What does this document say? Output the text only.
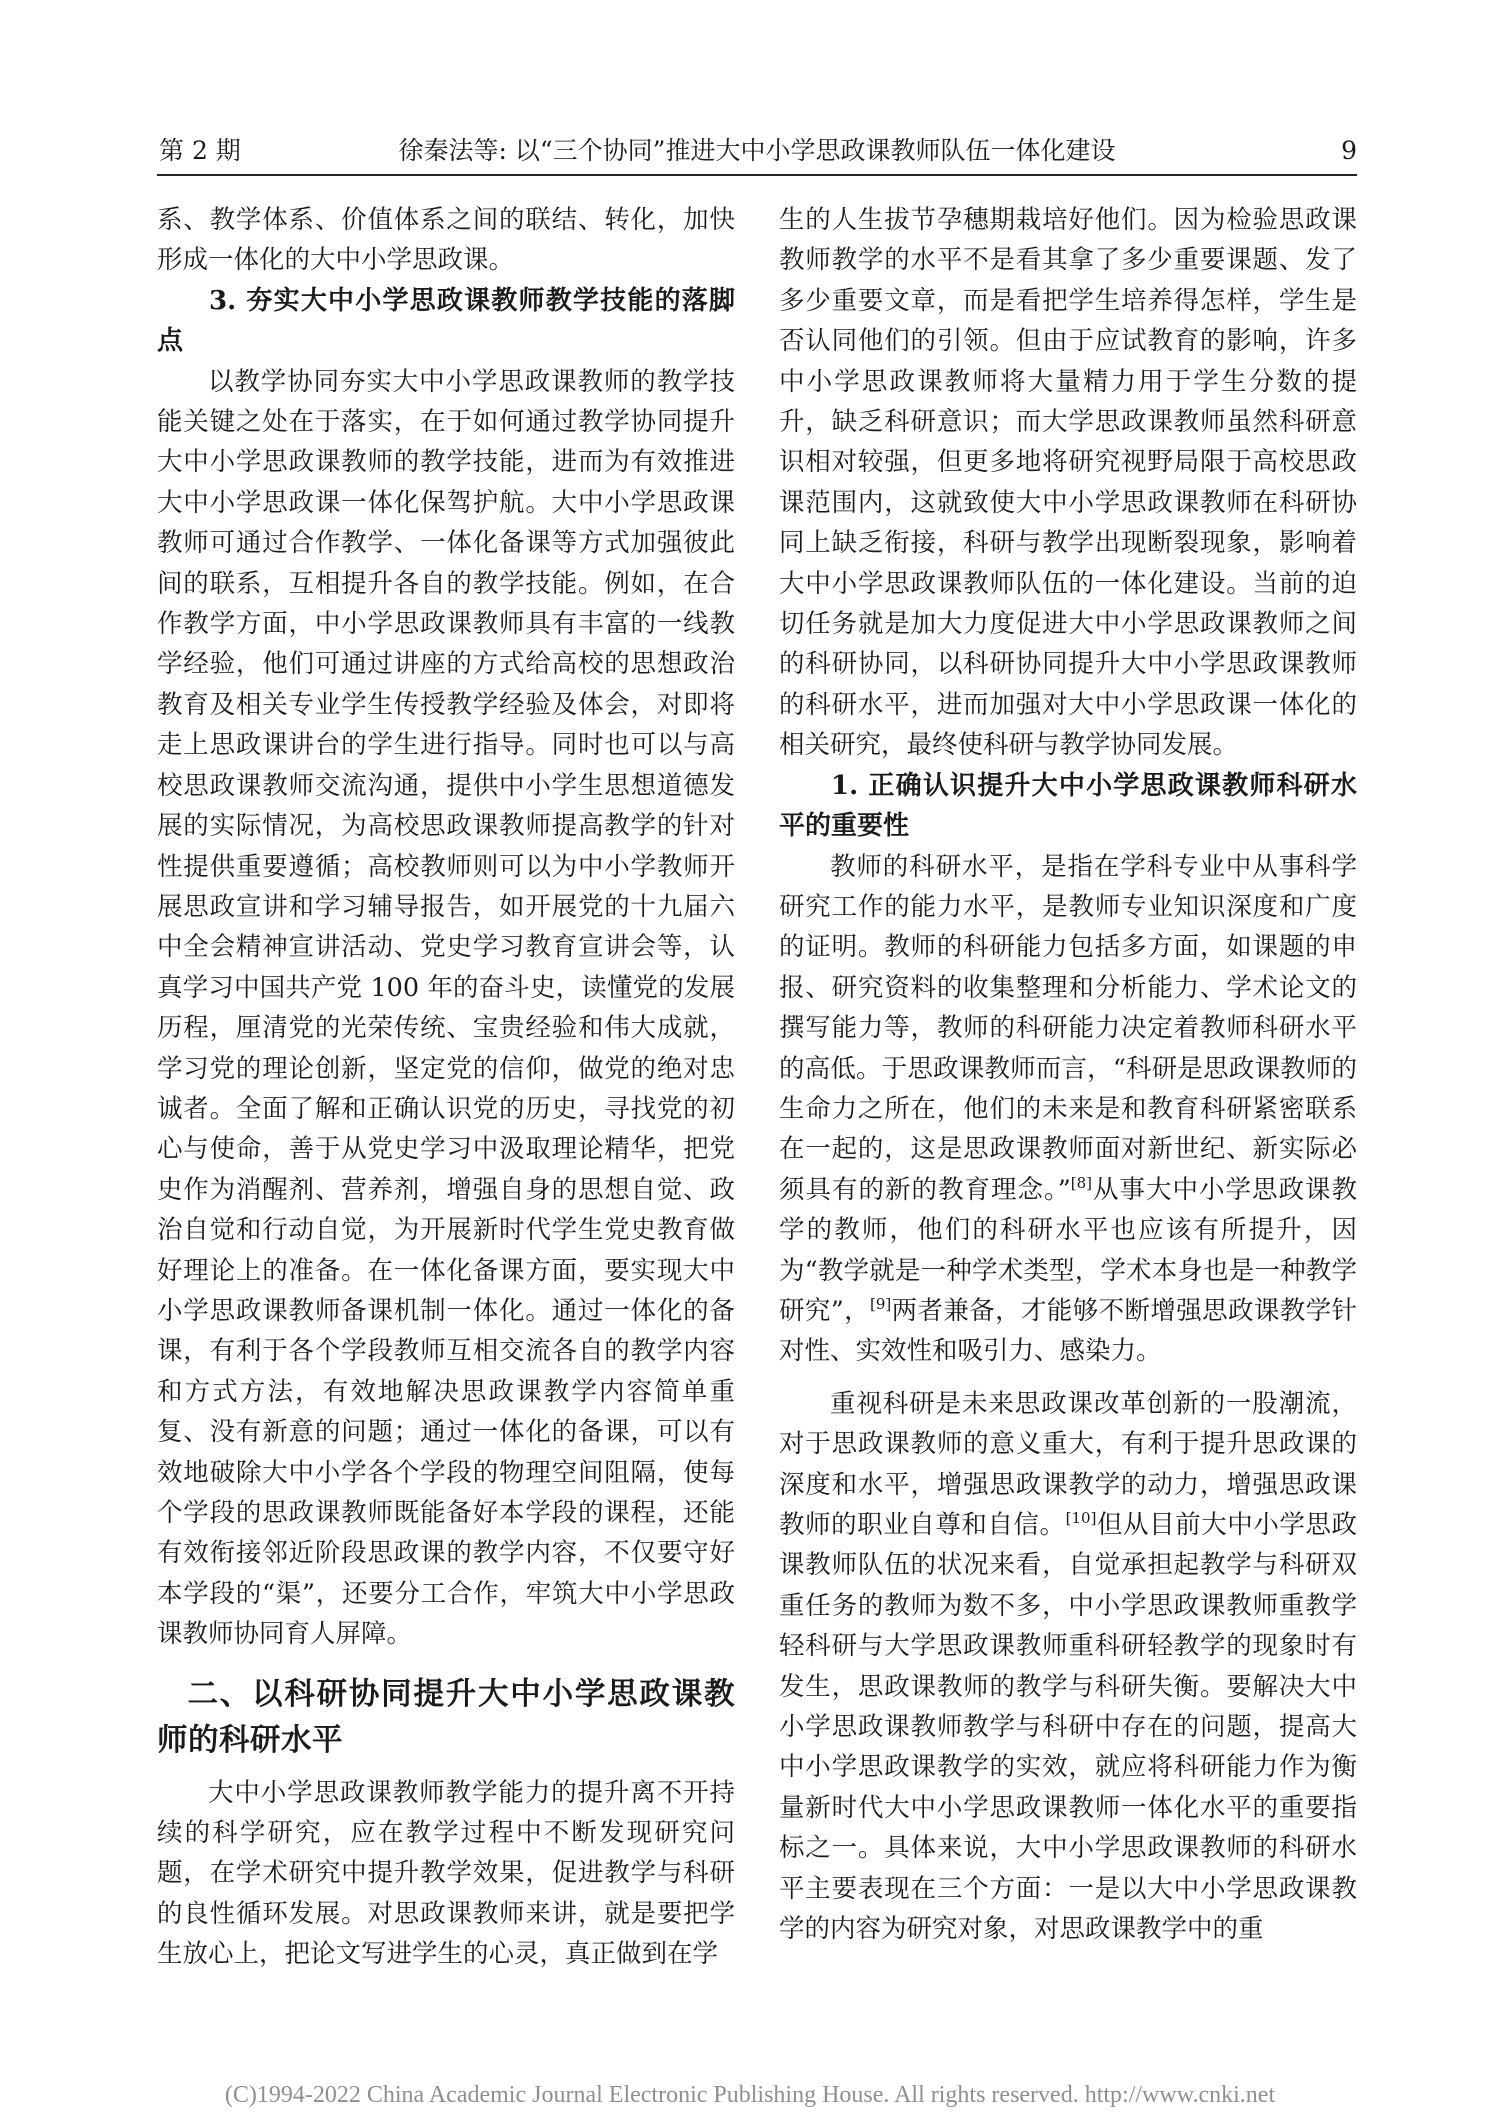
第 2 期	徐秦法等: 以“三个协同”推进大中小学思政课教师队伍一体化建设	9

系、教学体系、价值体系之间的联结、转化，加快形成一体化的大中小学思政课。

3. 夯实大中小学思政课教师教学技能的落脚点

以教学协同夯实大中小学思政课教师的教学技能关键之处在于落实，在于如何通过教学协同提升大中小学思政课教师的教学技能，进而为有效推进大中小学思政课一体化保驾护航。大中小学思政课教师可通过合作教学、一体化备课等方式加强彼此间的联系，互相提升各自的教学技能。例如，在合作教学方面，中小学思政课教师具有丰富的一线教学经验，他们可通过讲座的方式给高校的思想政治教育及相关专业学生传授教学经验及体会，对即将走上思政课讲台的学生进行指导。同时也可以与高校思政课教师交流沟通，提供中小学生思想道德发展的实际情况，为高校思政课教师提高教学的针对性提供重要遵循；高校教师则可以为中小学教师开展思政宣讲和学习辅导报告，如开展党的十九届六中全会精神宣讲活动、党史学习教育宣讲会等，认真学习中国共产党 100 年的奋斗史，读懂党的发展历程，厘清党的光荣传统、宝贵经验和伟大成就，学习党的理论创新，坚定党的信仰，做党的绝对忠诚者。全面了解和正确认识党的历史，寻找党的初心与使命，善于从党史学习中汲取理论精华，把党史作为消醒剂、营养剂，增强自身的思想自觉、政治自觉和行动自觉，为开展新时代学生党史教育做好理论上的准备。在一体化备课方面，要实现大中小学思政课教师备课机制一体化。通过一体化的备课，有利于各个学段教师互相交流各自的教学内容和方式方法，有效地解决思政课教学内容简单重复、没有新意的问题；通过一体化的备课，可以有效地破除大中小学各个学段的物理空间阻隔，使每个学段的思政课教师既能备好本学段的课程，还能有效衔接邻近阶段思政课的教学内容，不仅要守好本学段的“渠”，还要分工合作，牢筑大中小学思政课教师协同育人屏障。

二、以科研协同提升大中小学思政课教师的科研水平

大中小学思政课教师教学能力的提升离不开持续的科学研究，应在教学过程中不断发现研究问题，在学术研究中提升教学效果，促进教学与科研的良性循环发展。对思政课教师来讲，就是要把学生放心上，把论文写进学生的心灵，真正做到在学

生的人生拔节孕穗期栽培好他们。因为检验思政课教师教学的水平不是看其拿了多少重要课题、发了多少重要文章，而是看把学生培养得怎样，学生是否认同他们的引领。但由于应试教育的影响，许多中小学思政课教师将大量精力用于学生分数的提升，缺乏科研意识；而大学思政课教师虽然科研意识相对较强，但更多地将研究视野局限于高校思政课范围内，这就致使大中小学思政课教师在科研协同上缺乏衔接，科研与教学出现断裂现象，影响着大中小学思政课教师队伍的一体化建设。当前的迫切任务就是加大力度促进大中小学思政课教师之间的科研协同，以科研协同提升大中小学思政课教师的科研水平，进而加强对大中小学思政课一体化的相关研究，最终使科研与教学协同发展。

1. 正确认识提升大中小学思政课教师科研水平的重要性

教师的科研水平，是指在学科专业中从事科学研究工作的能力水平，是教师专业知识深度和广度的证明。教师的科研能力包括多方面，如课题的申报、研究资料的收集整理和分析能力、学术论文的撰写能力等，教师的科研能力决定着教师科研水平的高低。于思政课教师而言，“科研是思政课教师的生命力之所在，他们的未来是和教育科研紧密联系在一起的，这是思政课教师面对新世纪、新实际必须具有的新的教育理念。”[8]从事大中小学思政课教学的教师，他们的科研水平也应该有所提升，因为“教学就是一种学术类型，学术本身也是一种教学研究”，[9]两者兼备，才能够不断增强思政课教学针对性、实效性和吸引力、感染力。

重视科研是未来思政课改革创新的一股潮流，对于思政课教师的意义重大，有利于提升思政课的深度和水平，增强思政课教学的动力，增强思政课教师的职业自尊和自信。[10]但从目前大中小学思政课教师队伍的状况来看，自觉承担起教学与科研双重任务的教师为数不多，中小学思政课教师重教学轻科研与大学思政课教师重科研轻教学的现象时有发生，思政课教师的教学与科研失衡。要解决大中小学思政课教师教学与科研中存在的问题，提高大中小学思政课教学的实效，就应将科研能力作为衡量新时代大中小学思政课教师一体化水平的重要指标之一。具体来说，大中小学思政课教师的科研水平主要表现在三个方面：一是以大中小学思政课教学的内容为研究对象，对思政课教学中的重

(C)1994-2022 China Academic Journal Electronic Publishing House. All rights reserved. http://www.cnki.net
